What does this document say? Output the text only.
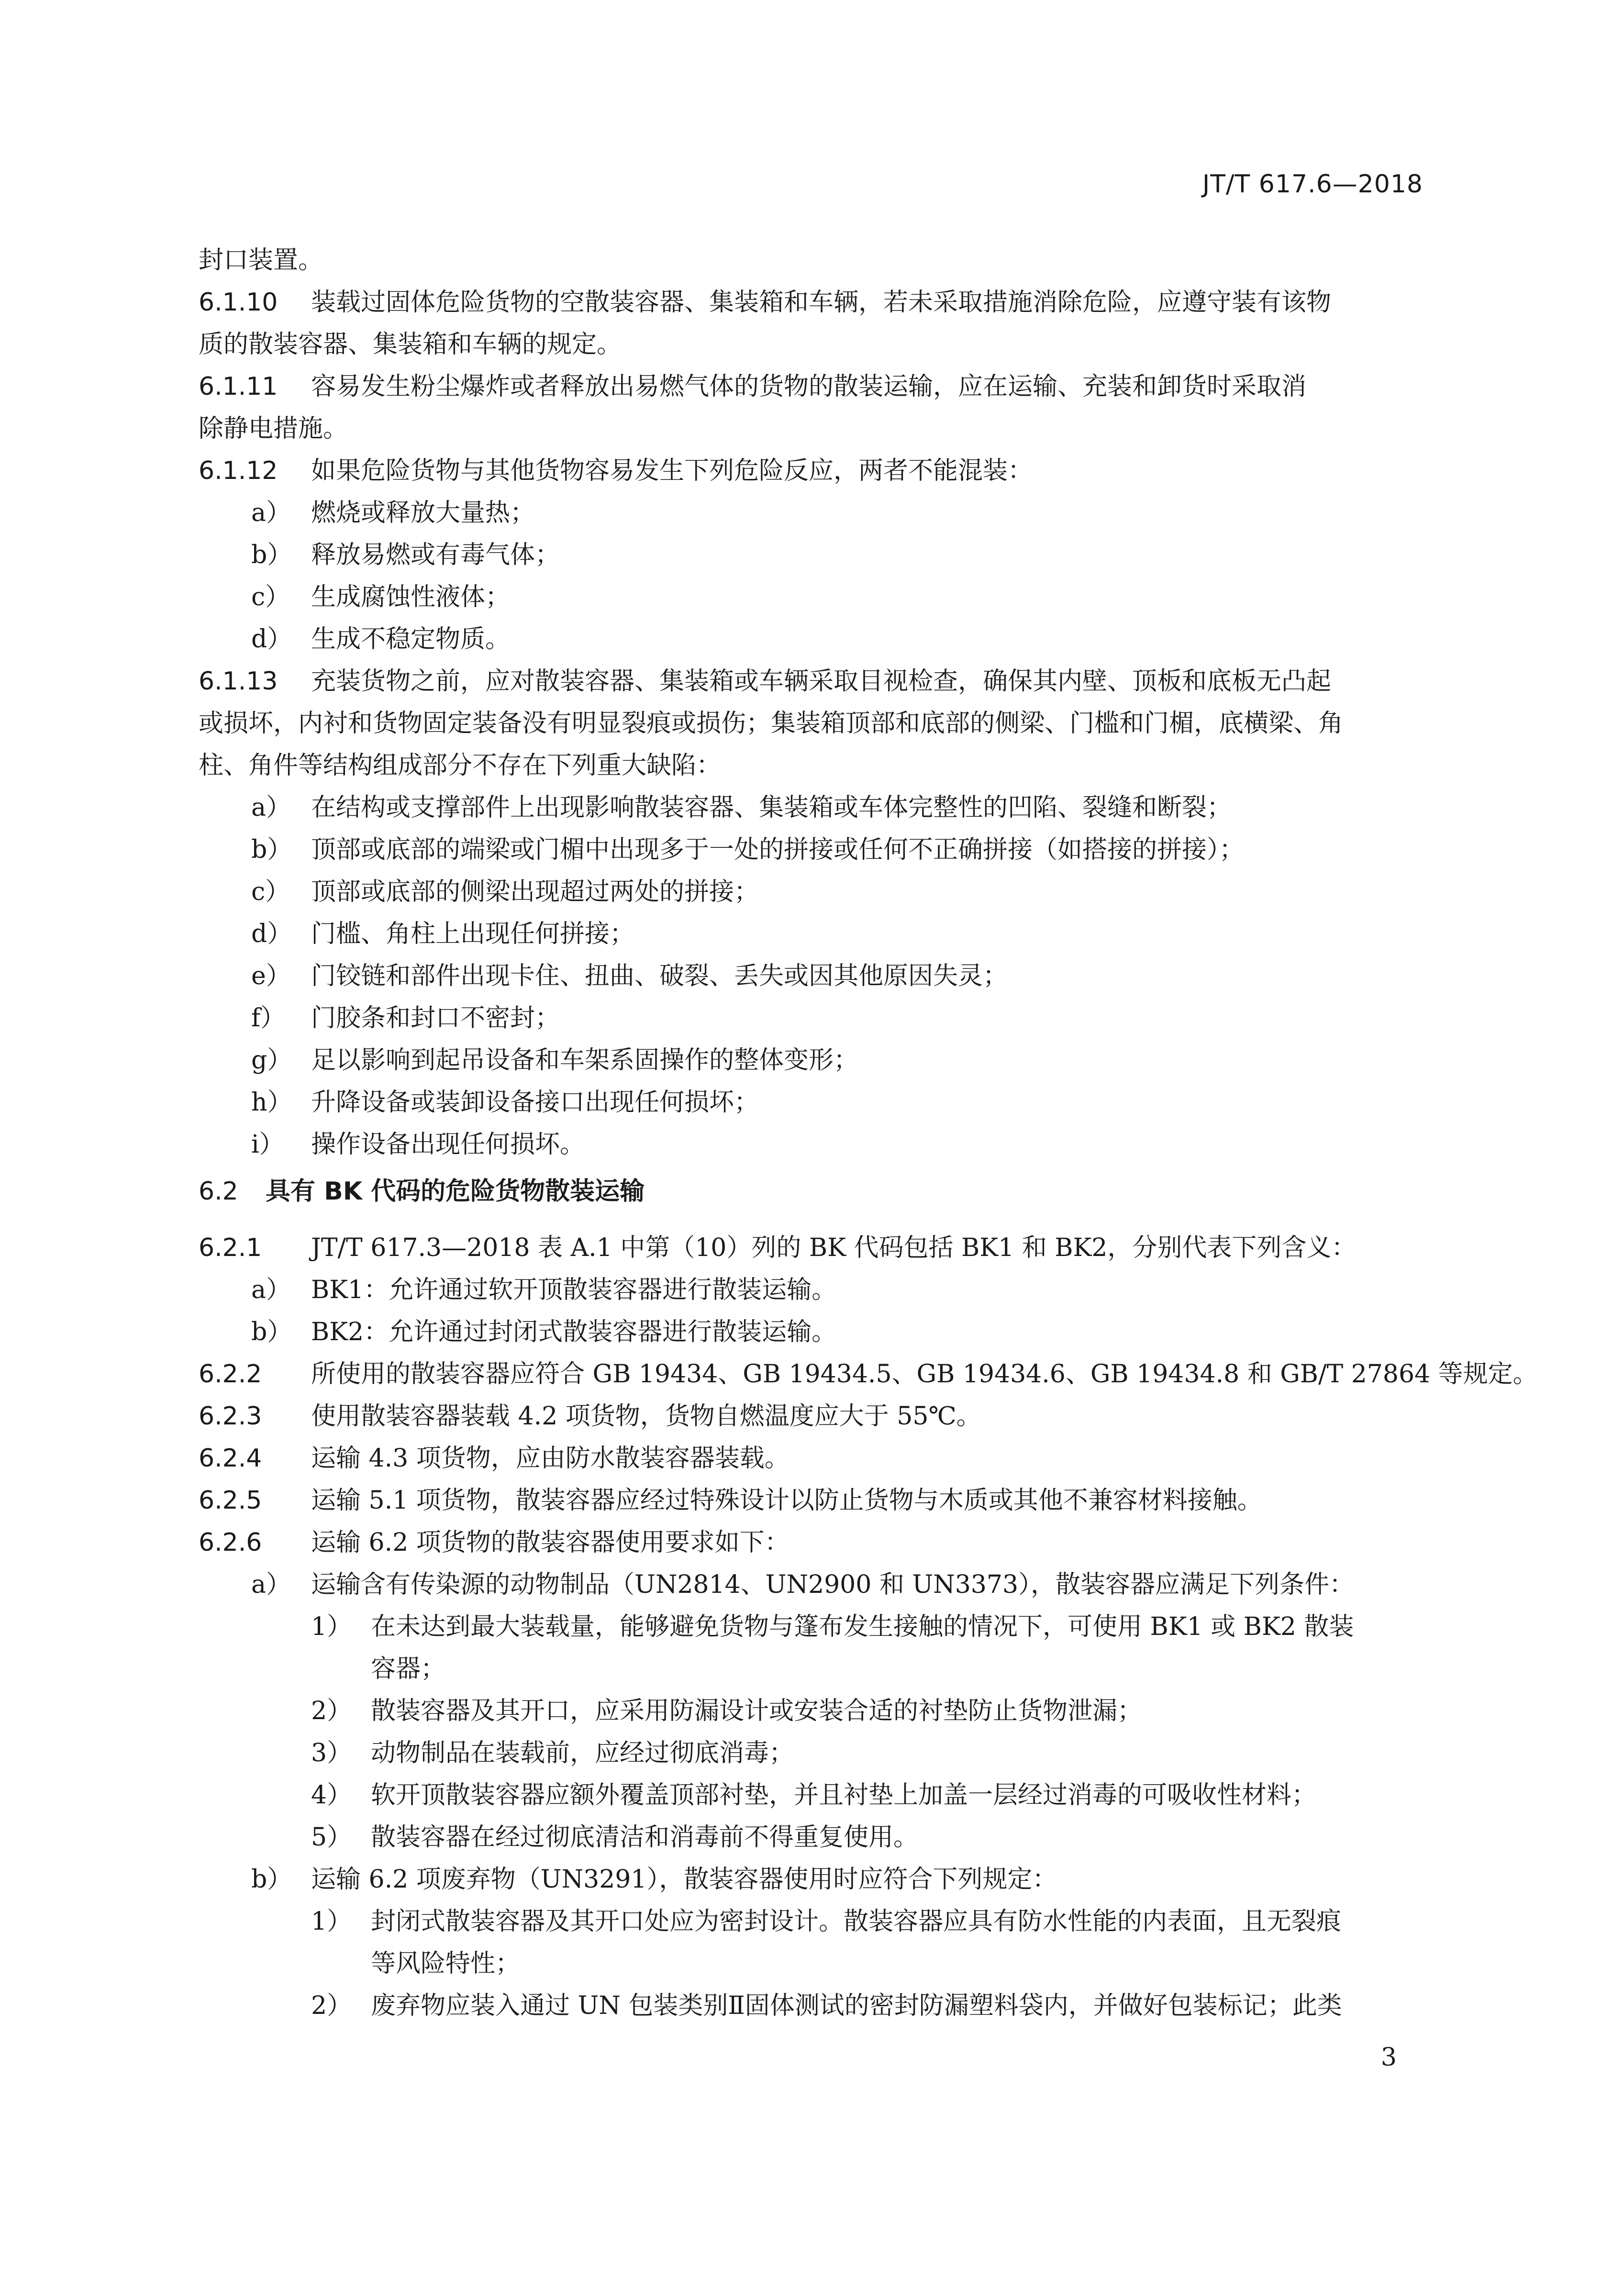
JT/T 617.6—2018
封口装置。
6.1.10 装载过固体危险货物的空散装容器、集装箱和车辆，若未采取措施消除危险，应遵守装有该物
质的散装容器、集装箱和车辆的规定。
6.1.11 容易发生粉尘爆炸或者释放出易燃气体的货物的散装运输，应在运输、充装和卸货时采取消
除静电措施。
6.1.12 如果危险货物与其他货物容易发生下列危险反应，两者不能混装：
a） 燃烧或释放大量热；
b） 释放易燃或有毒气体；
c） 生成腐蚀性液体；
d） 生成不稳定物质。
6.1.13 充装货物之前，应对散装容器、集装箱或车辆采取目视检查，确保其内壁、顶板和底板无凸起
或损坏，内衬和货物固定装备没有明显裂痕或损伤；集装箱顶部和底部的侧梁、门槛和门楣，底横梁、角
柱、角件等结构组成部分不存在下列重大缺陷：
a） 在结构或支撑部件上出现影响散装容器、集装箱或车体完整性的凹陷、裂缝和断裂；
b） 顶部或底部的端梁或门楣中出现多于一处的拼接或任何不正确拼接（如搭接的拼接）；
c） 顶部或底部的侧梁出现超过两处的拼接；
d） 门槛、角柱上出现任何拼接；
e） 门铰链和部件出现卡住、扭曲、破裂、丢失或因其他原因失灵；
f） 门胶条和封口不密封；
g） 足以影响到起吊设备和车架系固操作的整体变形；
h） 升降设备或装卸设备接口出现任何损坏；
i） 操作设备出现任何损坏。
6.2 具有 BK 代码的危险货物散装运输
6.2.1 JT/T 617.3—2018 表 A.1 中第（10）列的 BK 代码包括 BK1 和 BK2，分别代表下列含义：
a） BK1：允许通过软开顶散装容器进行散装运输。
b） BK2：允许通过封闭式散装容器进行散装运输。
6.2.2 所使用的散装容器应符合 GB 19434、GB 19434.5、GB 19434.6、GB 19434.8 和 GB/T 27864 等规定。
6.2.3 使用散装容器装载 4.2 项货物，货物自燃温度应大于 55℃。
6.2.4 运输 4.3 项货物，应由防水散装容器装载。
6.2.5 运输 5.1 项货物，散装容器应经过特殊设计以防止货物与木质或其他不兼容材料接触。
6.2.6 运输 6.2 项货物的散装容器使用要求如下：
a） 运输含有传染源的动物制品（UN2814、UN2900 和 UN3373），散装容器应满足下列条件：
1） 在未达到最大装载量，能够避免货物与篷布发生接触的情况下，可使用 BK1 或 BK2 散装
容器；
2） 散装容器及其开口，应采用防漏设计或安装合适的衬垫防止货物泄漏；
3） 动物制品在装载前，应经过彻底消毒；
4） 软开顶散装容器应额外覆盖顶部衬垫，并且衬垫上加盖一层经过消毒的可吸收性材料；
5） 散装容器在经过彻底清洁和消毒前不得重复使用。
b） 运输 6.2 项废弃物（UN3291），散装容器使用时应符合下列规定：
1） 封闭式散装容器及其开口处应为密封设计。散装容器应具有防水性能的内表面，且无裂痕
等风险特性；
2） 废弃物应装入通过 UN 包装类别Ⅱ固体测试的密封防漏塑料袋内，并做好包装标记；此类
3
